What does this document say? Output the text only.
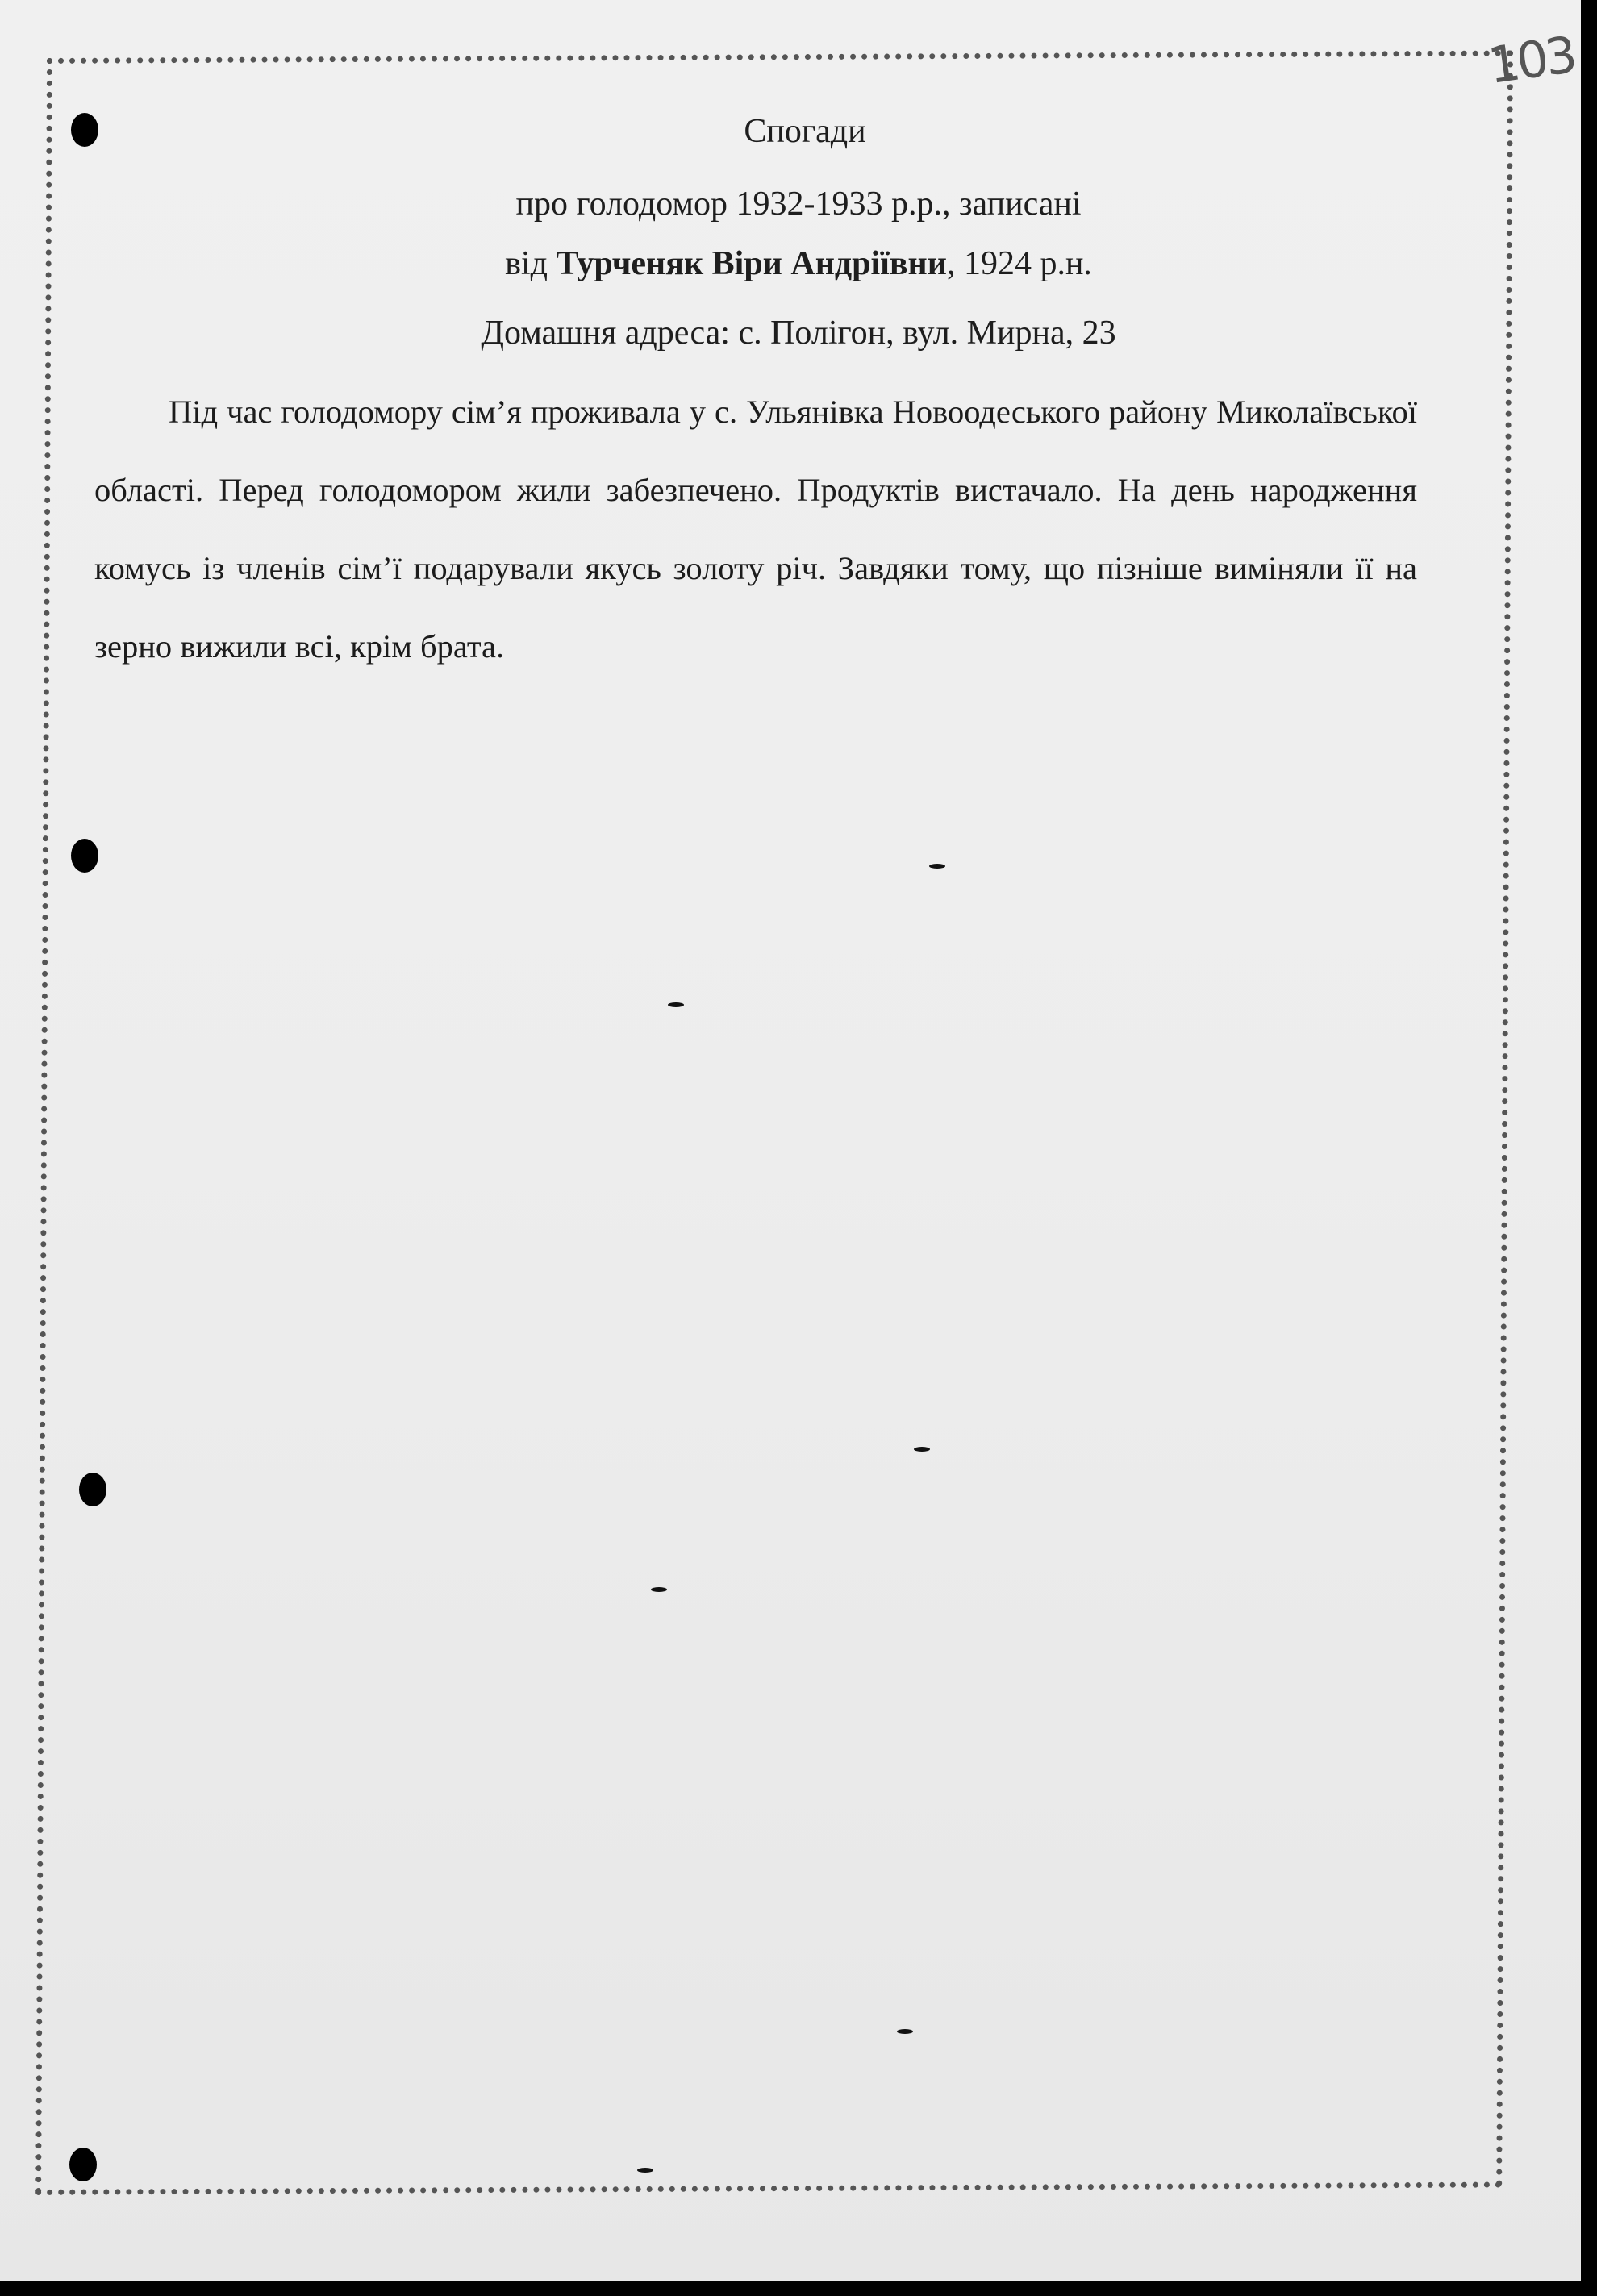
103
Спогади
про голодомор 1932-1933 р.р., записані
від Турченяк Віри Андріївни, 1924 р.н.
Домашня адреса: с. Полігон, вул. Мирна, 23
Під час голодомору сім’я проживала у с. Ульянівка Новоодеського району Миколаївської області. Перед голодомором жили забезпечено. Продуктів вистачало. На день народження комусь із членів сім’ї подарували якусь золоту річ. Завдяки тому, що пізніше виміняли її на зерно вижили всі, крім брата.
